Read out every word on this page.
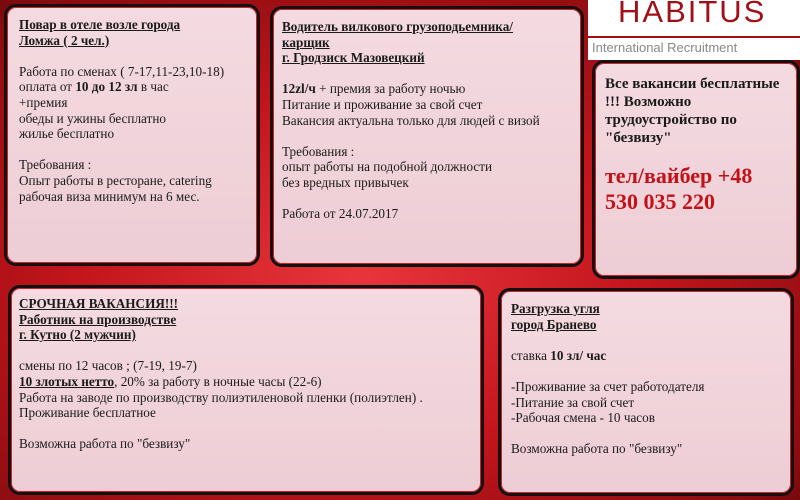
HABITUS
International Recruitment

Повар в отеле возле города

Ломжа ( 2 чел.)

Работа по сменах ( 7-17,11-23,10-18)

оплата от 10 до 12 зл в час

+премия

обеды и ужины бесплатно

жилье бесплатно

Требования :

Опыт работы в ресторане, catering

рабочая виза минимум на 6 мес.

Водитель вилкового грузоподьемника/

карщик

г. Гродзиск Мазовецкий

12zl/ч + премия за работу ночью

Питание и проживание за свой счет

Вакансия актуальна только для людей с визой

Требования :

опыт работы на подобной должности

без вредных привычек

Работа от 24.07.2017

Все вакансии бесплатные !!! Возможно трудоустройство по "безвизу"

тел/вайбер +48 530 035 220

СРОЧНАЯ ВАКАНСИЯ!!!

Работник на производстве

г. Кутно (2 мужчин)

смены по 12 часов ; (7-19, 19-7)

10 злотых нетто, 20% за работу в ночные часы (22-6)

Работа на заводе по производству полиэтиленовой пленки (полиэтлен) .

Проживание бесплатное

Возможна работа по "безвизу"

Разгрузка угля

город Бранево

ставка 10 зл/ час

-Проживание за счет работодателя

-Питание за свой счет

-Рабочая смена - 10 часов

Возможна работа по "безвизу"
